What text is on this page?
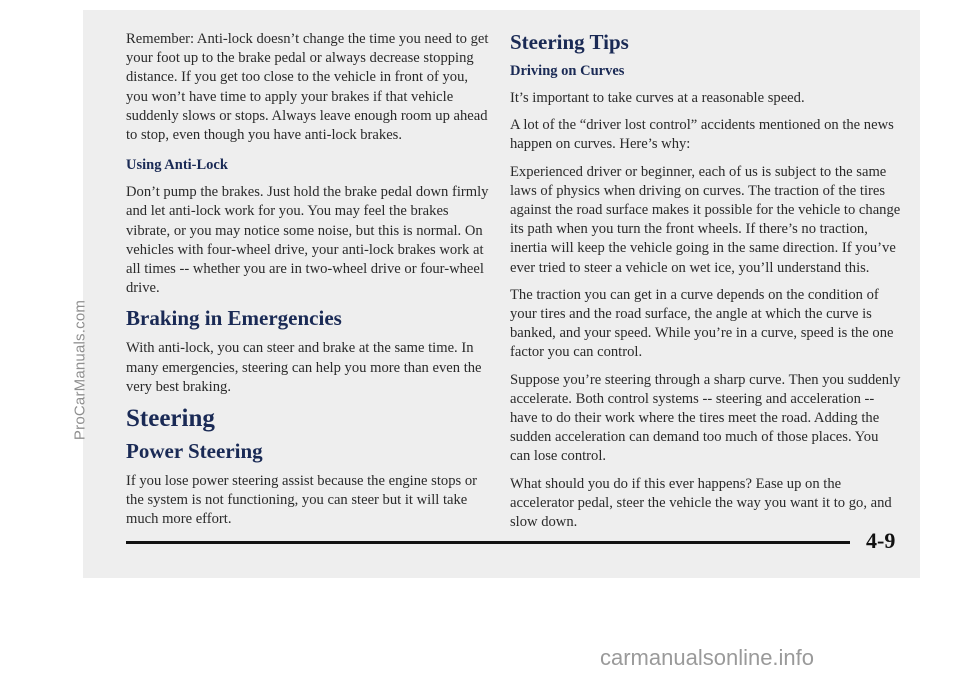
ProCarManuals.com

Remember: Anti-lock doesn’t change the time you need to get your foot up to the brake pedal or always decrease stopping distance. If you get too close to the vehicle in front of you, you won’t have time to apply your brakes if that vehicle suddenly slows or stops. Always leave enough room up ahead to stop, even though you have anti-lock brakes.

Using Anti-Lock

Don’t pump the brakes. Just hold the brake pedal down firmly and let anti-lock work for you. You may feel the brakes vibrate, or you may notice some noise, but this is normal. On vehicles with four-wheel drive, your anti-lock brakes work at all times -- whether you are in two-wheel drive or four-wheel drive.

Braking in Emergencies

With anti-lock, you can steer and brake at the same time. In many emergencies, steering can help you more than even the very best braking.

Steering
Power Steering

If you lose power steering assist because the engine stops or the system is not functioning, you can steer but it will take much more effort.

Steering Tips
Driving on Curves

It’s important to take curves at a reasonable speed.

A lot of the “driver lost control” accidents mentioned on the news happen on curves. Here’s why:

Experienced driver or beginner, each of us is subject to the same laws of physics when driving on curves. The traction of the tires against the road surface makes it possible for the vehicle to change its path when you turn the front wheels. If there’s no traction, inertia will keep the vehicle going in the same direction. If you’ve ever tried to steer a vehicle on wet ice, you’ll understand this.

The traction you can get in a curve depends on the condition of your tires and the road surface, the angle at which the curve is banked, and your speed. While you’re in a curve, speed is the one factor you can control.

Suppose you’re steering through a sharp curve. Then you suddenly accelerate. Both control systems -- steering and acceleration -- have to do their work where the tires meet the road. Adding the sudden acceleration can demand too much of those places. You can lose control.

What should you do if this ever happens? Ease up on the accelerator pedal, steer the vehicle the way you want it to go, and slow down.

4-9
carmanualsonline.info
